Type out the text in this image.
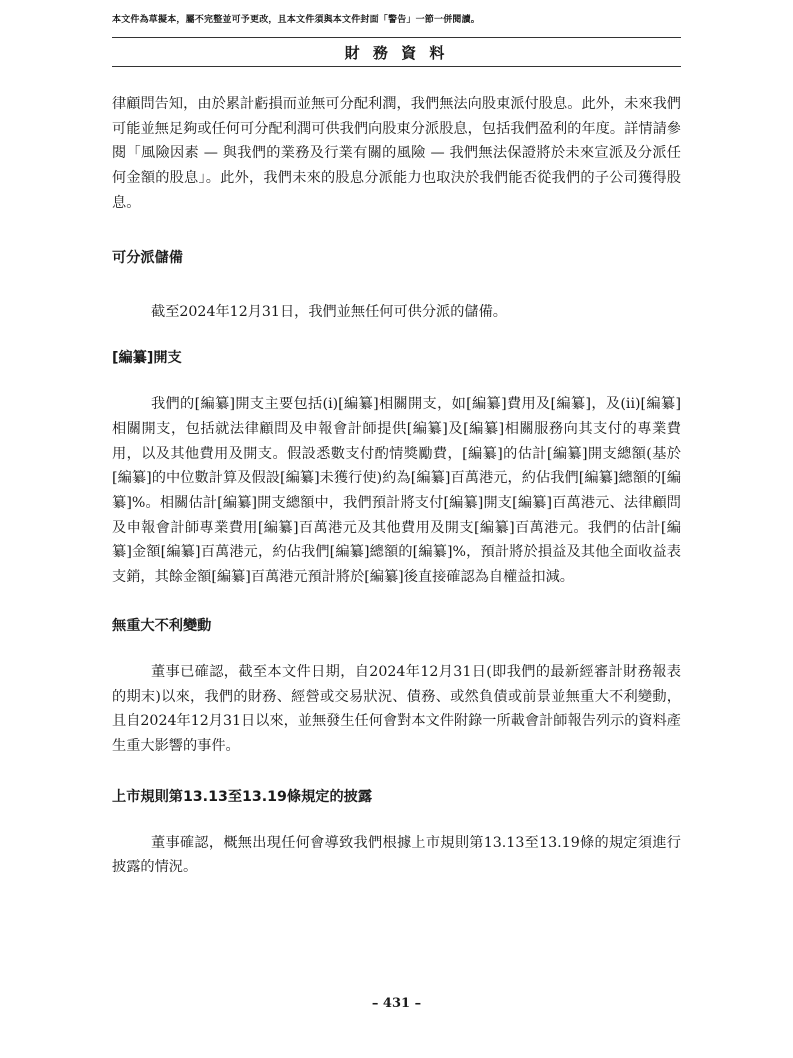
本文件為草擬本，屬不完整並可予更改，且本文件須與本文件封面「警告」一節一併閱讀。
財 務 資 料

律顧問告知，由於累計虧損而並無可分配利潤，我們無法向股東派付股息。此外，未來我們可能並無足夠或任何可分配利潤可供我們向股東分派股息，包括我們盈利的年度。詳情請參閱「風險因素 — 與我們的業務及行業有關的風險 — 我們無法保證將於未來宣派及分派任何金額的股息」。此外，我們未來的股息分派能力也取決於我們能否從我們的子公司獲得股息。

可分派儲備

截至2024年12月31日，我們並無任何可供分派的儲備。

[編纂]開支

我們的[編纂]開支主要包括(i)[編纂]相關開支，如[編纂]費用及[編纂]，及(ii)[編纂]相關開支，包括就法律顧問及申報會計師提供[編纂]及[編纂]相關服務向其支付的專業費用，以及其他費用及開支。假設悉數支付酌情獎勵費，[編纂]的估計[編纂]開支總額(基於[編纂]的中位數計算及假設[編纂]未獲行使)約為[編纂]百萬港元，約佔我們[編纂]總額的[編纂]%。相關估計[編纂]開支總額中，我們預計將支付[編纂]開支[編纂]百萬港元、法律顧問及申報會計師專業費用[編纂]百萬港元及其他費用及開支[編纂]百萬港元。我們的估計[編纂]金額[編纂]百萬港元，約佔我們[編纂]總額的[編纂]%，預計將於損益及其他全面收益表支銷，其餘金額[編纂]百萬港元預計將於[編纂]後直接確認為自權益扣減。

無重大不利變動

董事已確認，截至本文件日期，自2024年12月31日(即我們的最新經審計財務報表的期末)以來，我們的財務、經營或交易狀況、債務、或然負債或前景並無重大不利變動，且自2024年12月31日以來，並無發生任何會對本文件附錄一所載會計師報告列示的資料產生重大影響的事件。

上市規則第13.13至13.19條規定的披露

董事確認，概無出現任何會導致我們根據上市規則第13.13至13.19條的規定須進行披露的情況。

– 431 –
